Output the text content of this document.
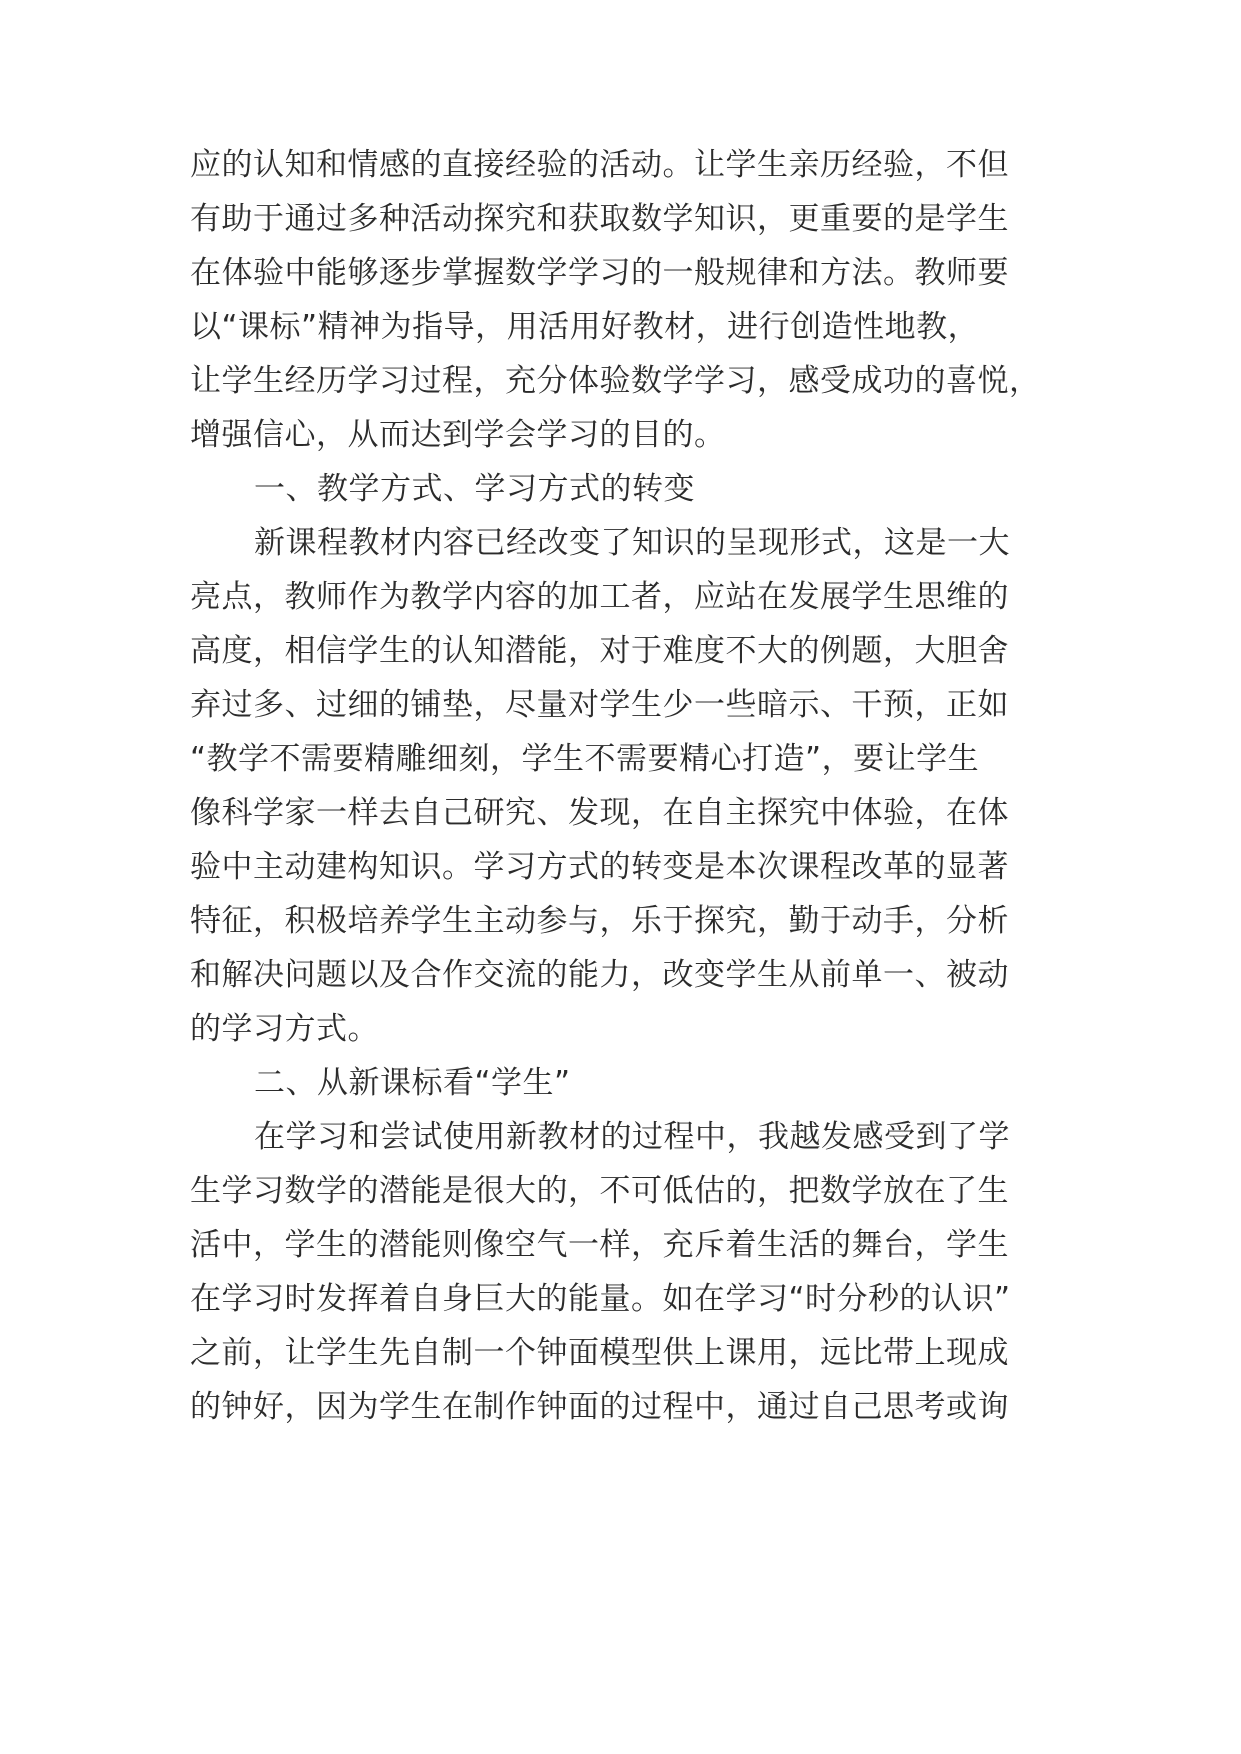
应的认知和情感的直接经验的活动。让学生亲历经验，不但
有助于通过多种活动探究和获取数学知识，更重要的是学生
在体验中能够逐步掌握数学学习的一般规律和方法。教师要
以“课标”精神为指导，用活用好教材，进行创造性地教，
让学生经历学习过程，充分体验数学学习，感受成功的喜悦，
增强信心，从而达到学会学习的目的。
一、教学方式、学习方式的转变
新课程教材内容已经改变了知识的呈现形式，这是一大
亮点，教师作为教学内容的加工者，应站在发展学生思维的
高度，相信学生的认知潜能，对于难度不大的例题，大胆舍
弃过多、过细的铺垫，尽量对学生少一些暗示、干预，正如
“教学不需要精雕细刻，学生不需要精心打造”，要让学生
像科学家一样去自己研究、发现，在自主探究中体验，在体
验中主动建构知识。学习方式的转变是本次课程改革的显著
特征，积极培养学生主动参与，乐于探究，勤于动手，分析
和解决问题以及合作交流的能力，改变学生从前单一、被动
的学习方式。
二、从新课标看“学生”
在学习和尝试使用新教材的过程中，我越发感受到了学
生学习数学的潜能是很大的，不可低估的，把数学放在了生
活中，学生的潜能则像空气一样，充斥着生活的舞台，学生
在学习时发挥着自身巨大的能量。如在学习“时分秒的认识”
之前，让学生先自制一个钟面模型供上课用，远比带上现成
的钟好，因为学生在制作钟面的过程中，通过自己思考或询
